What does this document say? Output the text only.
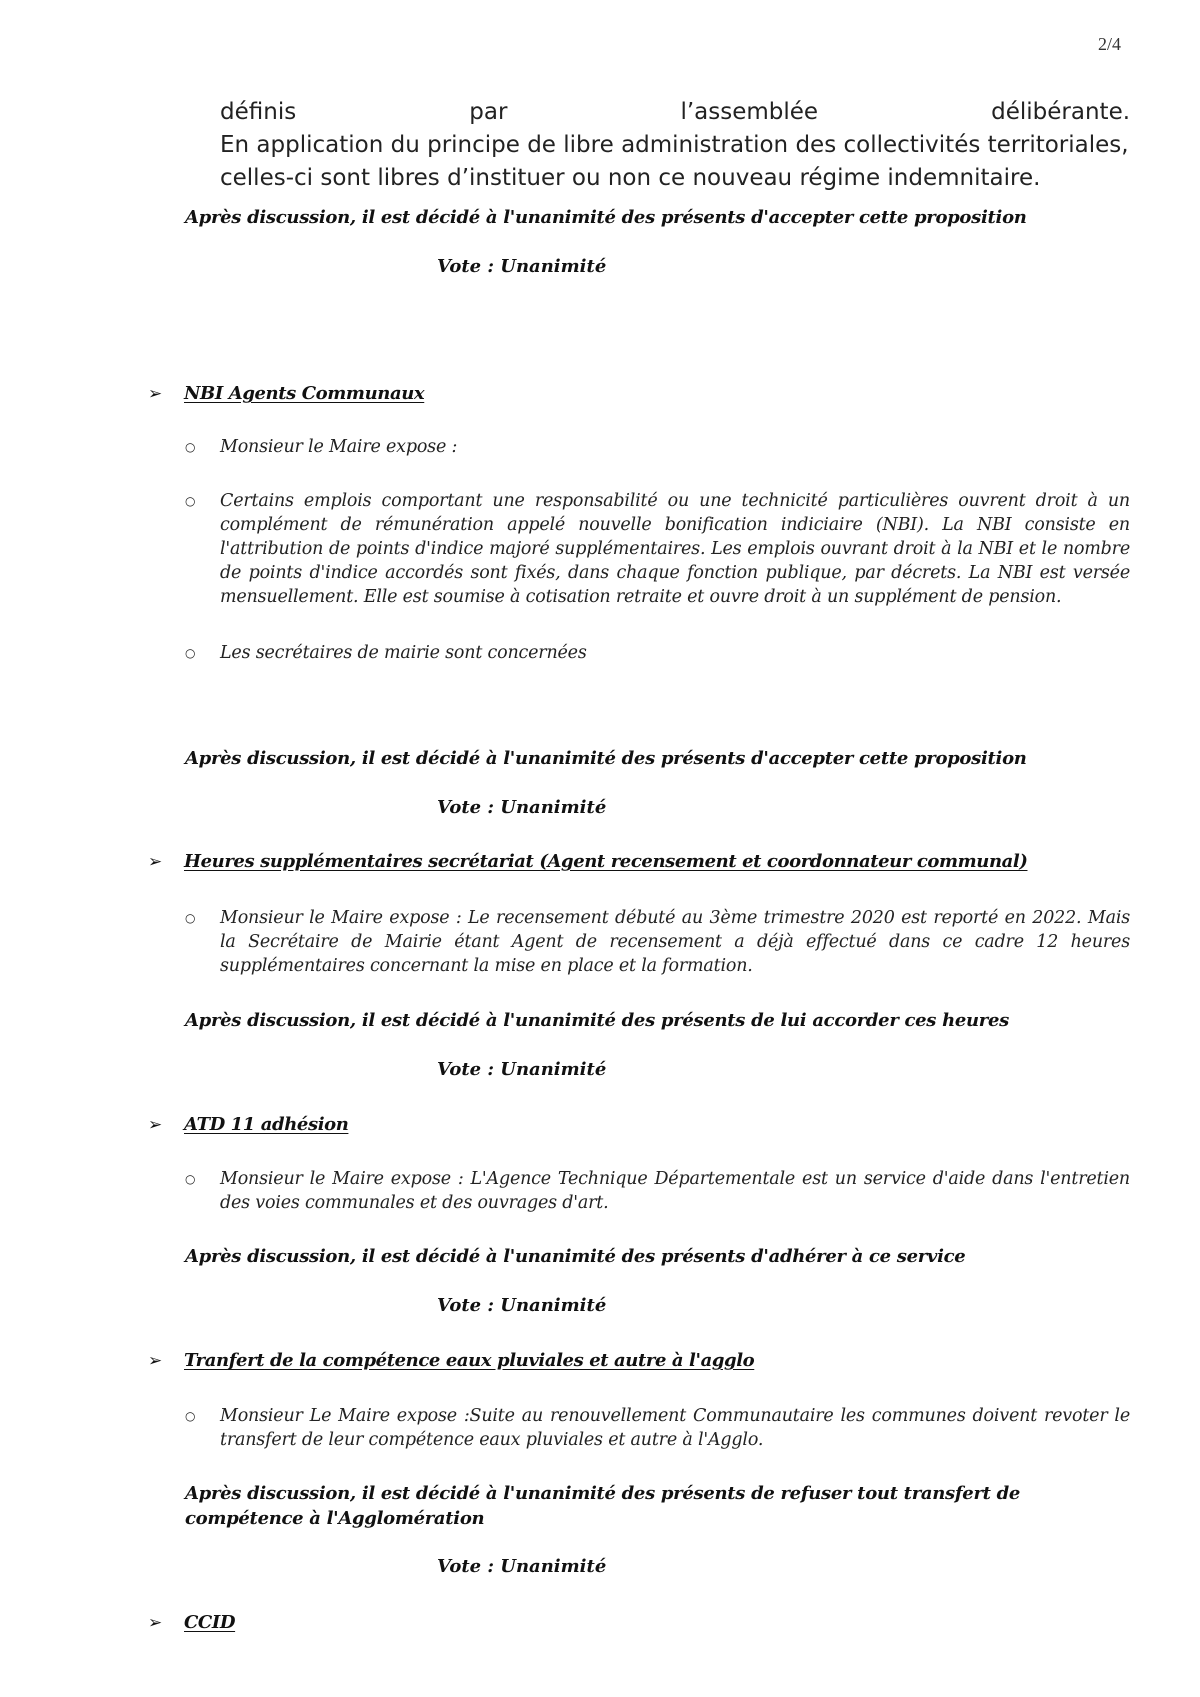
2/4
définis	par	l’assemblée	délibérante.
En application du principe de libre administration des collectivités territoriales,
celles-ci sont libres d’instituer ou non ce nouveau régime indemnitaire.
Après discussion, il est décidé à l'unanimité des présents d'accepter cette proposition
Vote : Unanimité
➢ NBI Agents Communaux
○ Monsieur le Maire expose :
○ Certains emplois comportant une responsabilité ou une technicité particulières ouvrent droit à un complément de rémunération appelé nouvelle bonification indiciaire (NBI). La NBI consiste en l'attribution de points d'indice majoré supplémentaires. Les emplois ouvrant droit à la NBI et le nombre de points d'indice accordés sont fixés, dans chaque fonction publique, par décrets. La NBI est versée mensuellement. Elle est soumise à cotisation retraite et ouvre droit à un supplément de pension.
○ Les secrétaires de mairie sont concernées
Après discussion, il est décidé à l'unanimité des présents d'accepter cette proposition
Vote : Unanimité
➢ Heures supplémentaires secrétariat (Agent recensement et coordonnateur communal)
○ Monsieur le Maire expose : Le recensement débuté au 3ème trimestre 2020 est reporté en 2022. Mais la Secrétaire de Mairie étant Agent de recensement a déjà effectué dans ce cadre 12 heures supplémentaires concernant la mise en place et la formation.
Après discussion, il est décidé à l'unanimité des présents de lui accorder ces heures
Vote : Unanimité
➢ ATD 11 adhésion
○ Monsieur le Maire expose : L'Agence Technique Départementale est un service d'aide dans l'entretien des voies communales et des ouvrages d'art.
Après discussion, il est décidé à l'unanimité des présents d'adhérer à ce service
Vote : Unanimité
➢ Tranfert de la compétence eaux pluviales et autre à l'agglo
○ Monsieur Le Maire expose :Suite au renouvellement Communautaire les communes doivent revoter le transfert de leur compétence eaux pluviales et autre à l'Agglo.
Après discussion, il est décidé à l'unanimité des présents de refuser tout transfert de compétence à l'Agglomération
Vote : Unanimité
➢ CCID
